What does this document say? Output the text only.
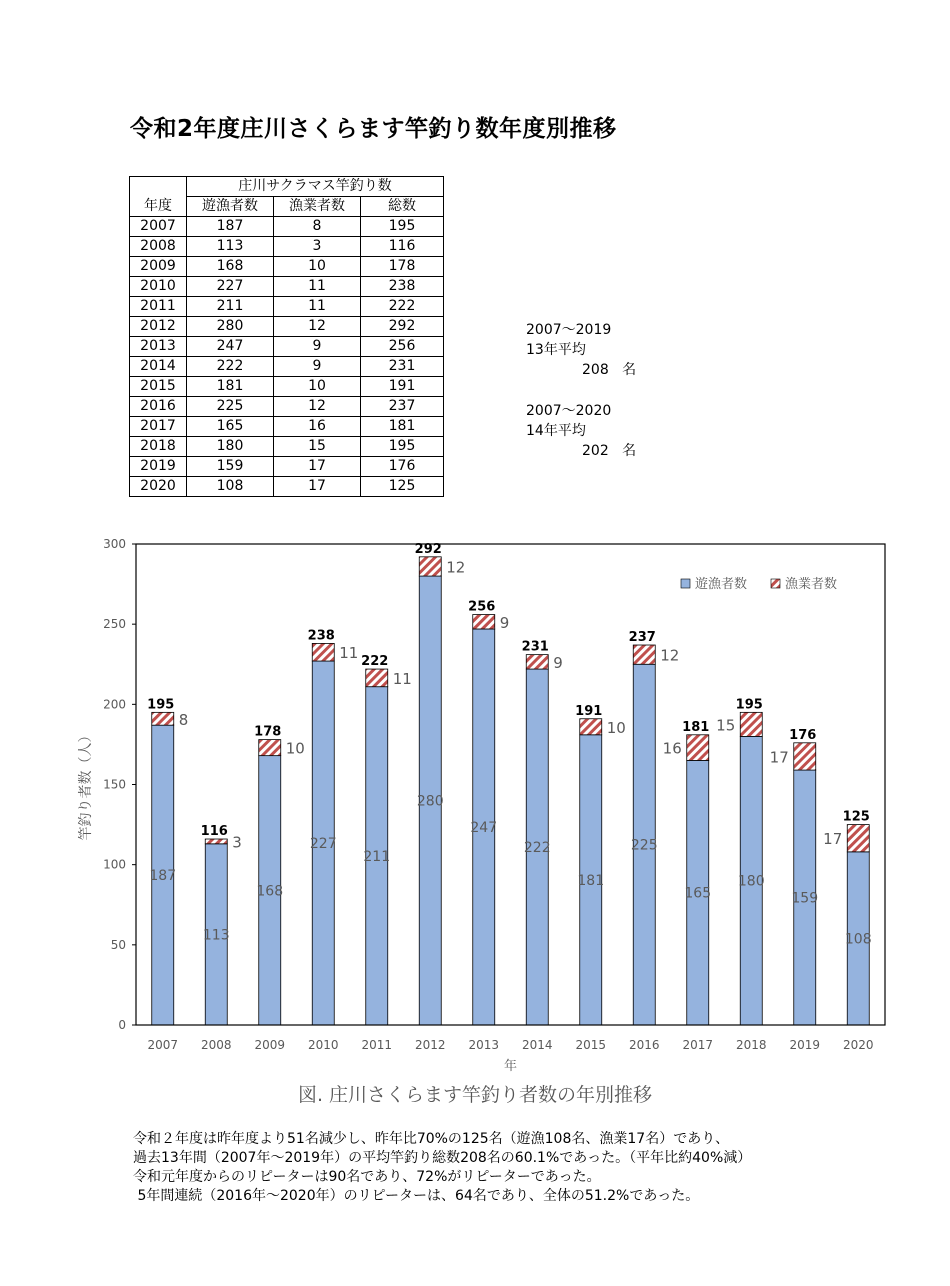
令和2年度庄川さくらます竿釣り数年度別推移
	庄川サクラマス竿釣り数		
年度	遊漁者数	漁業者数	総数
2007	187	8	195
2008	113	3	116
2009	168	10	178
2010	227	11	238
2011	211	11	222
2012	280	12	292
2013	247	9	256
2014	222	9	231
2015	181	10	191
2016	225	12	237
2017	165	16	181
2018	180	15	195
2019	159	17	176
2020	108	17	125
2007～2019
13年平均
208 名
2007～2020
14年平均
202 名
2007
187
195
8
2008
113
116
3
2009
168
178
10
2010
227
238
11
2011
211
222
11
2012
280
292
12
2013
247
256
9
2014
222
231
9
2015
181
191
10
2016
225
237
12
2017
165
181
16
2018
180
195
15
2019
159
176
17
2020
108
125
17
年
竿釣り者数（人）
遊漁者数	漁業者数
0
50
100
150
200
250
300
図. 庄川さくらます竿釣り者数の年別推移
令和２年度は昨年度より51名減少し、昨年比70%の125名（遊漁108名、漁業17名）であり、
過去13年間（2007年～2019年）の平均竿釣り総数208名の60.1%であった。（平年比約40%減）
令和元年度からのリピーターは90名であり、72%がリピーターであった。
5年間連続（2016年～2020年）のリピーターは、64名であり、全体の51.2%であった。
